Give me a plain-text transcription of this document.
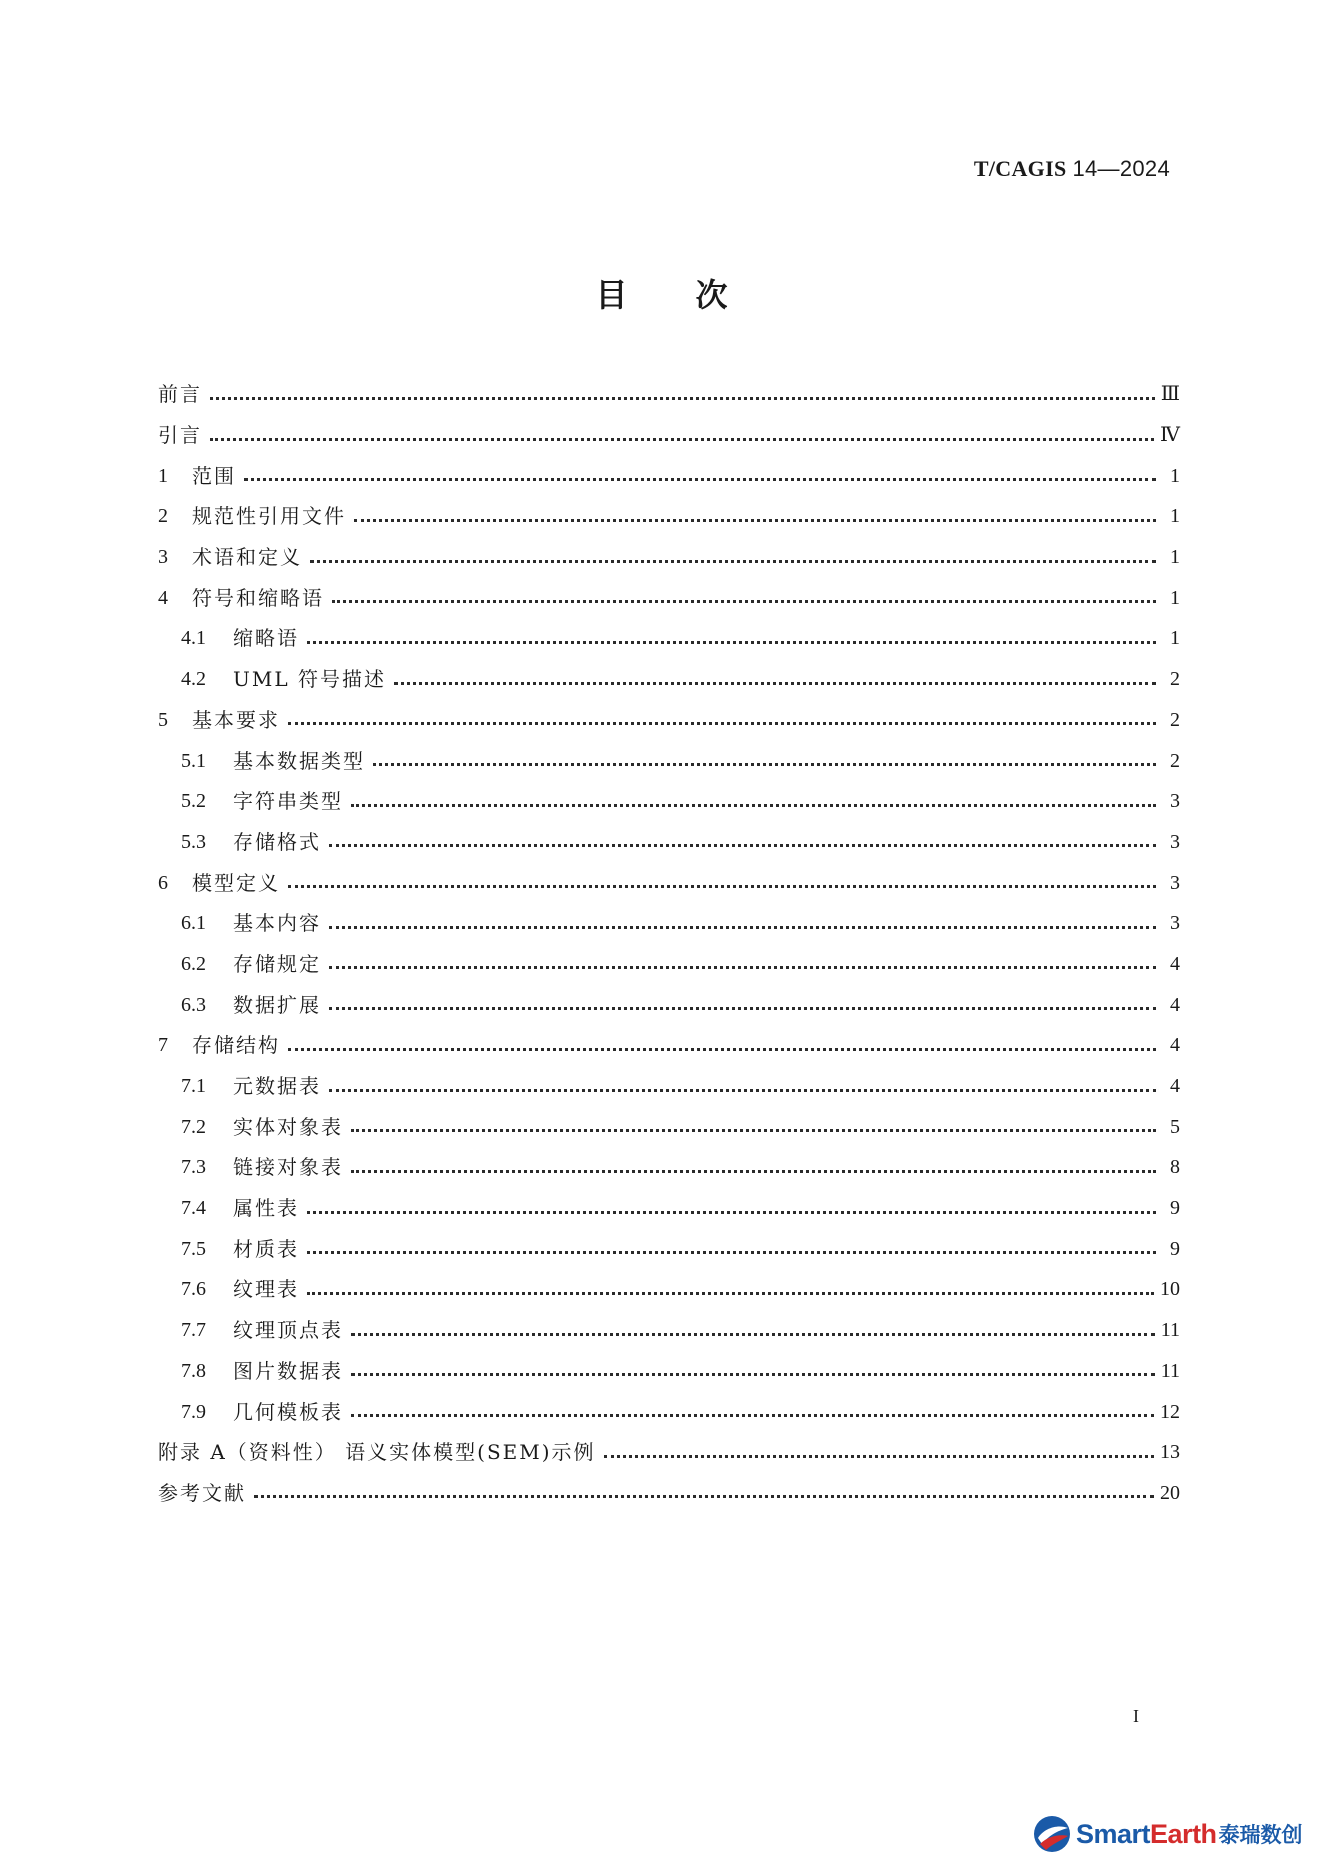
T/CAGIS 14—2024
目次
前言	Ⅲ
引言	Ⅳ
1	范围	1
2	规范性引用文件	1
3	术语和定义	1
4	符号和缩略语	1
4.1	缩略语	1
4.2	UML 符号描述	2
5	基本要求	2
5.1	基本数据类型	2
5.2	字符串类型	3
5.3	存储格式	3
6	模型定义	3
6.1	基本内容	3
6.2	存储规定	4
6.3	数据扩展	4
7	存储结构	4
7.1	元数据表	4
7.2	实体对象表	5
7.3	链接对象表	8
7.4	属性表	9
7.5	材质表	9
7.6	纹理表	10
7.7	纹理顶点表	11
7.8	图片数据表	11
7.9	几何模板表	12
附录 A（资料性） 语义实体模型(SEM)示例	13
参考文献	20
I
SmartEarth 泰瑞数创
